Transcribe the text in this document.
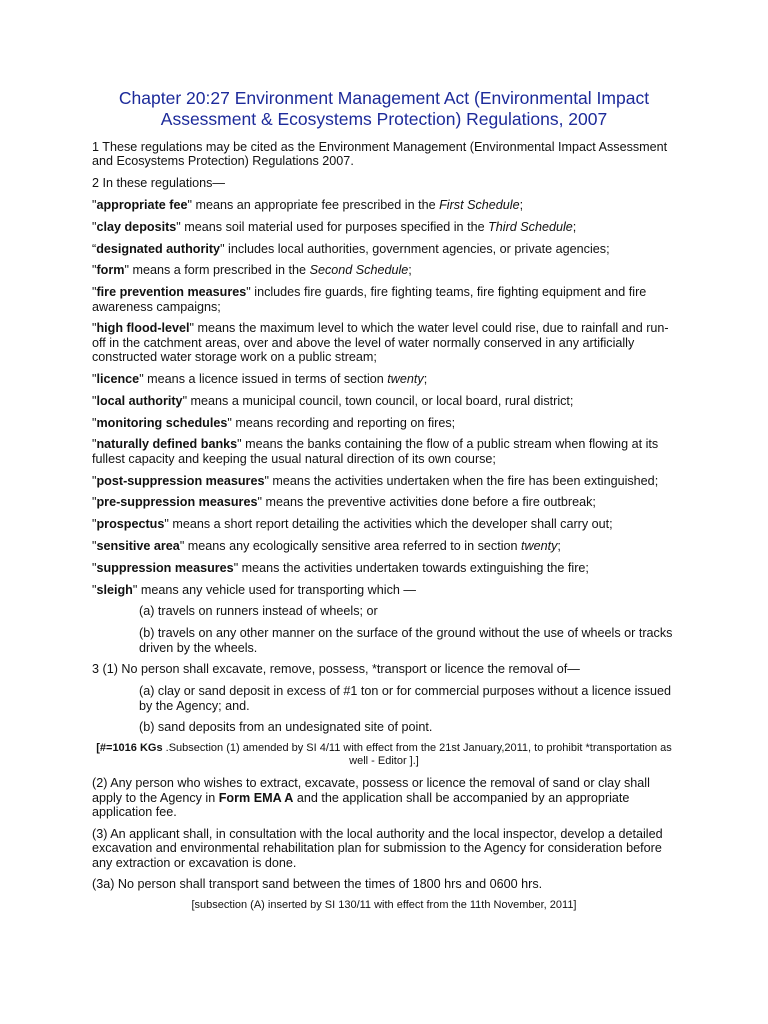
Chapter 20:27 Environment Management Act (Environmental Impact
Assessment & Ecosystems Protection) Regulations, 2007

1 These regulations may be cited as the Environment Management (Environmental Impact Assessment and Ecosystems Protection) Regulations 2007.

2 In these regulations—

"appropriate fee" means an appropriate fee prescribed in the First Schedule;

"clay deposits" means soil material used for purposes specified in the Third Schedule;

“designated authority" includes local authorities, government agencies, or private agencies;

"form" means a form prescribed in the Second Schedule;

"fire prevention measures" includes fire guards, fire fighting teams, fire fighting equipment and fire awareness campaigns;

"high flood-level" means the maximum level to which the water level could rise, due to rainfall and run-off in the catchment areas, over and above the level of water normally conserved in any artificially constructed water storage work on a public stream;

"licence" means a licence issued in terms of section twenty;

"local authority" means a municipal council, town council, or local board, rural district;

"monitoring schedules" means recording and reporting on fires;

"naturally defined banks" means the banks containing the flow of a public stream when flowing at its fullest capacity and keeping the usual natural direction of its own course;

"post-suppression measures" means the activities undertaken when the fire has been extinguished;

"pre-suppression measures" means the preventive activities done before a fire outbreak;

"prospectus" means a short report detailing the activities which the developer shall carry out;

"sensitive area" means any ecologically sensitive area referred to in section twenty;

"suppression measures" means the activities undertaken towards extinguishing the fire;

"sleigh" means any vehicle used for transporting which —

(a) travels on runners instead of wheels; or

(b) travels on any other manner on the surface of the ground without the use of wheels or tracks driven by the wheels.

3 (1) No person shall excavate, remove, possess, *transport or licence the removal of—

(a) clay or sand deposit in excess of #1 ton or for commercial purposes without a licence issued by the Agency; and.

(b) sand deposits from an undesignated site of point.

[#=1016 KGs .Subsection (1) amended by SI 4/11 with effect from the 21st January,2011, to prohibit *transportation as well - Editor ].]

(2) Any person who wishes to extract, excavate, possess or licence the removal of sand or clay shall apply to the Agency in Form EMA A and the application shall be accompanied by an appropriate application fee.

(3) An applicant shall, in consultation with the local authority and the local inspector, develop a detailed excavation and environmental rehabilitation plan for submission to the Agency for consideration before any extraction or excavation is done.

(3a) No person shall transport sand between the times of 1800 hrs and 0600 hrs.

[subsection (A) inserted by SI 130/11 with effect from the 11th November, 2011]
